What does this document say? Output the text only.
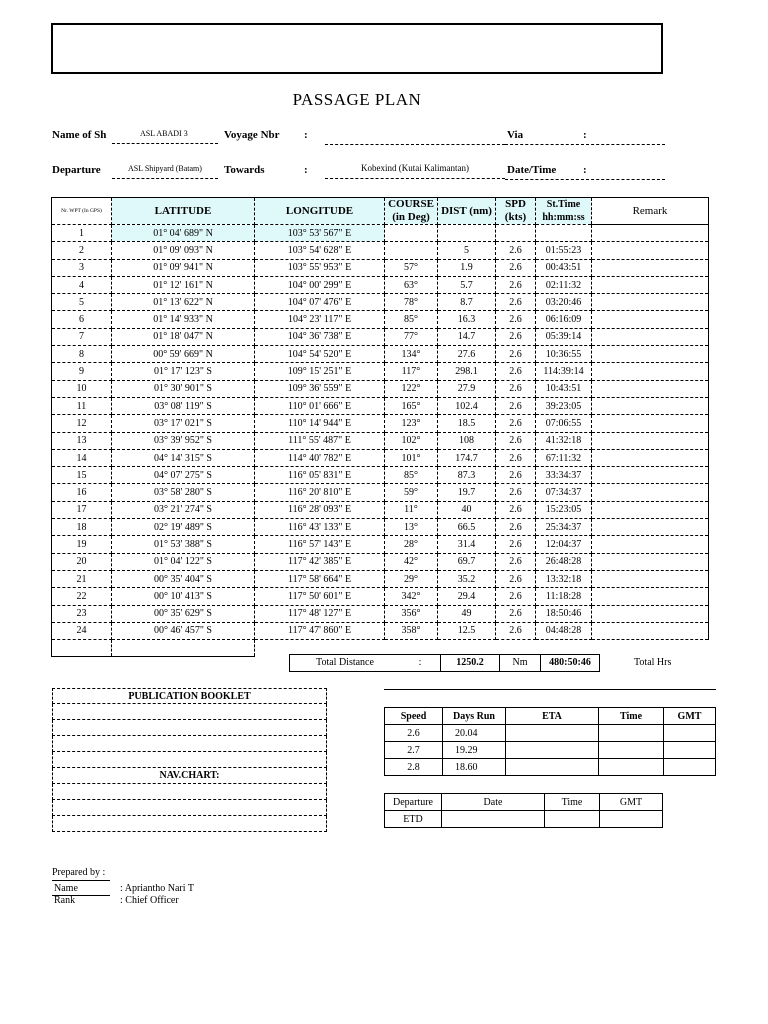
PASSAGE PLAN
Name of Sh	ASL ABADI 3	Voyage Nbr :	Via	:
Departure	ASL Shipyard (Batam)	Towards	:	Kobexind (Kutai Kalimantan)	Date/Time :
Nr. WPT (In GPS)	LATITUDE	LONGITUDE	COURSE (in Deg)	DIST (nm)	SPD (kts)	St.Time hh:mm:ss	Remark
1	01° 04' 689" N	103° 53' 567" E					
2	01° 09' 093" N	103° 54' 628" E		5	2.6	01:55:23	
3	01° 09' 941" N	103° 55' 953" E	57°	1.9	2.6	00:43:51	
4	01° 12' 161" N	104° 00' 299" E	63°	5.7	2.6	02:11:32	
5	01° 13' 622" N	104° 07' 476" E	78°	8.7	2.6	03:20:46	
6	01° 14' 933" N	104° 23' 117" E	85°	16.3	2.6	06:16:09	
7	01° 18' 047" N	104° 36' 738" E	77°	14.7	2.6	05:39:14	
8	00° 59' 669" N	104° 54' 520" E	134°	27.6	2.6	10:36:55	
9	01° 17' 123" S	109° 15' 251" E	117°	298.1	2.6	114:39:14	
10	01° 30' 901" S	109° 36' 559" E	122°	27.9	2.6	10:43:51	
11	03° 08' 119" S	110° 01' 666" E	165°	102.4	2.6	39:23:05	
12	03° 17' 021" S	110° 14' 944" E	123°	18.5	2.6	07:06:55	
13	03° 39' 952" S	111° 55' 487" E	102°	108	2.6	41:32:18	
14	04° 14' 315" S	114° 40' 782" E	101°	174.7	2.6	67:11:32	
15	04° 07' 275" S	116° 05' 831" E	85°	87.3	2.6	33:34:37	
16	03° 58' 280" S	116° 20' 810" E	59°	19.7	2.6	07:34:37	
17	03° 21' 274" S	116° 28' 093" E	11°	40	2.6	15:23:05	
18	02° 19' 489" S	116° 43' 133" E	13°	66.5	2.6	25:34:37	
19	01° 53' 388" S	116° 57' 143" E	28°	31.4	2.6	12:04:37	
20	01° 04' 122" S	117° 42' 385" E	42°	69.7	2.6	26:48:28	
21	00° 35' 404" S	117° 58' 664" E	29°	35.2	2.6	13:32:18	
22	00° 10' 413" S	117° 50' 601" E	342°	29.4	2.6	11:18:28	
23	00° 35' 629" S	117° 48' 127" E	356°	49	2.6	18:50:46	
24	00° 46' 457" S	117° 47' 860" E	358°	12.5	2.6	04:48:28	

Total Distance	:	1250.2	Nm	480:50:46	Total Hrs
PUBLICATION BOOKLET
NAV.CHART:
Speed	Days Run	ETA	Time	GMT
2.6	20.04			
2.7	19.29			
2.8	18.60			
Departure	Date	Time	GMT
ETD			
Prepared by :
Name	: Apriantho Nari T
Rank	: Chief Officer
